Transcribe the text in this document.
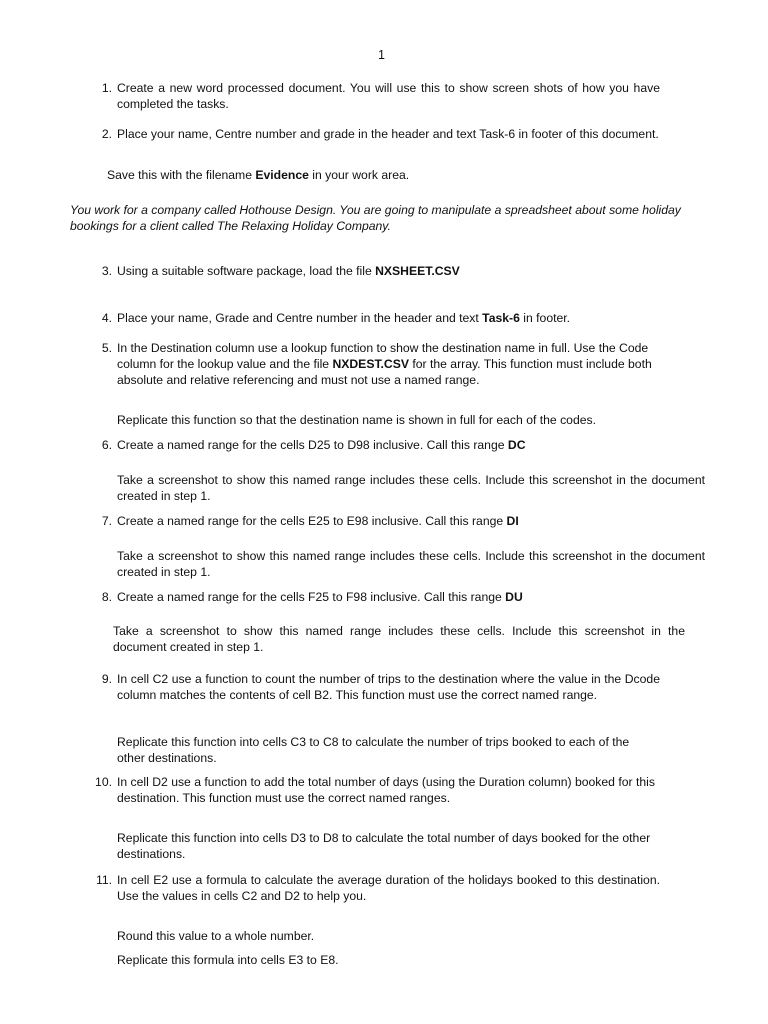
1
1. Create a new word processed document. You will use this to show screen shots of how you have completed the tasks.
2. Place your name, Centre number and grade in the header and text Task-6 in footer of this document.
Save this with the filename Evidence in your work area.
You work for a company called Hothouse Design. You are going to manipulate a spreadsheet about some holiday bookings for a client called The Relaxing Holiday Company.
3. Using a suitable software package, load the file NXSHEET.CSV
4. Place your name, Grade and Centre number in the header and text Task-6 in footer.
5. In the Destination column use a lookup function to show the destination name in full. Use the Code column for the lookup value and the file NXDEST.CSV for the array. This function must include both absolute and relative referencing and must not use a named range.
Replicate this function so that the destination name is shown in full for each of the codes.
6. Create a named range for the cells D25 to D98 inclusive. Call this range DC
Take a screenshot to show this named range includes these cells. Include this screenshot in the document created in step 1.
7. Create a named range for the cells E25 to E98 inclusive. Call this range DI
Take a screenshot to show this named range includes these cells. Include this screenshot in the document created in step 1.
8. Create a named range for the cells F25 to F98 inclusive. Call this range DU
Take a screenshot to show this named range includes these cells. Include this screenshot in the document created in step 1.
9. In cell C2 use a function to count the number of trips to the destination where the value in the Dcode column matches the contents of cell B2. This function must use the correct named range.
Replicate this function into cells C3 to C8 to calculate the number of trips booked to each of the other destinations.
10. In cell D2 use a function to add the total number of days (using the Duration column) booked for this destination. This function must use the correct named ranges.
Replicate this function into cells D3 to D8 to calculate the total number of days booked for the other destinations.
11. In cell E2 use a formula to calculate the average duration of the holidays booked to this destination. Use the values in cells C2 and D2 to help you.
Round this value to a whole number.
Replicate this formula into cells E3 to E8.
